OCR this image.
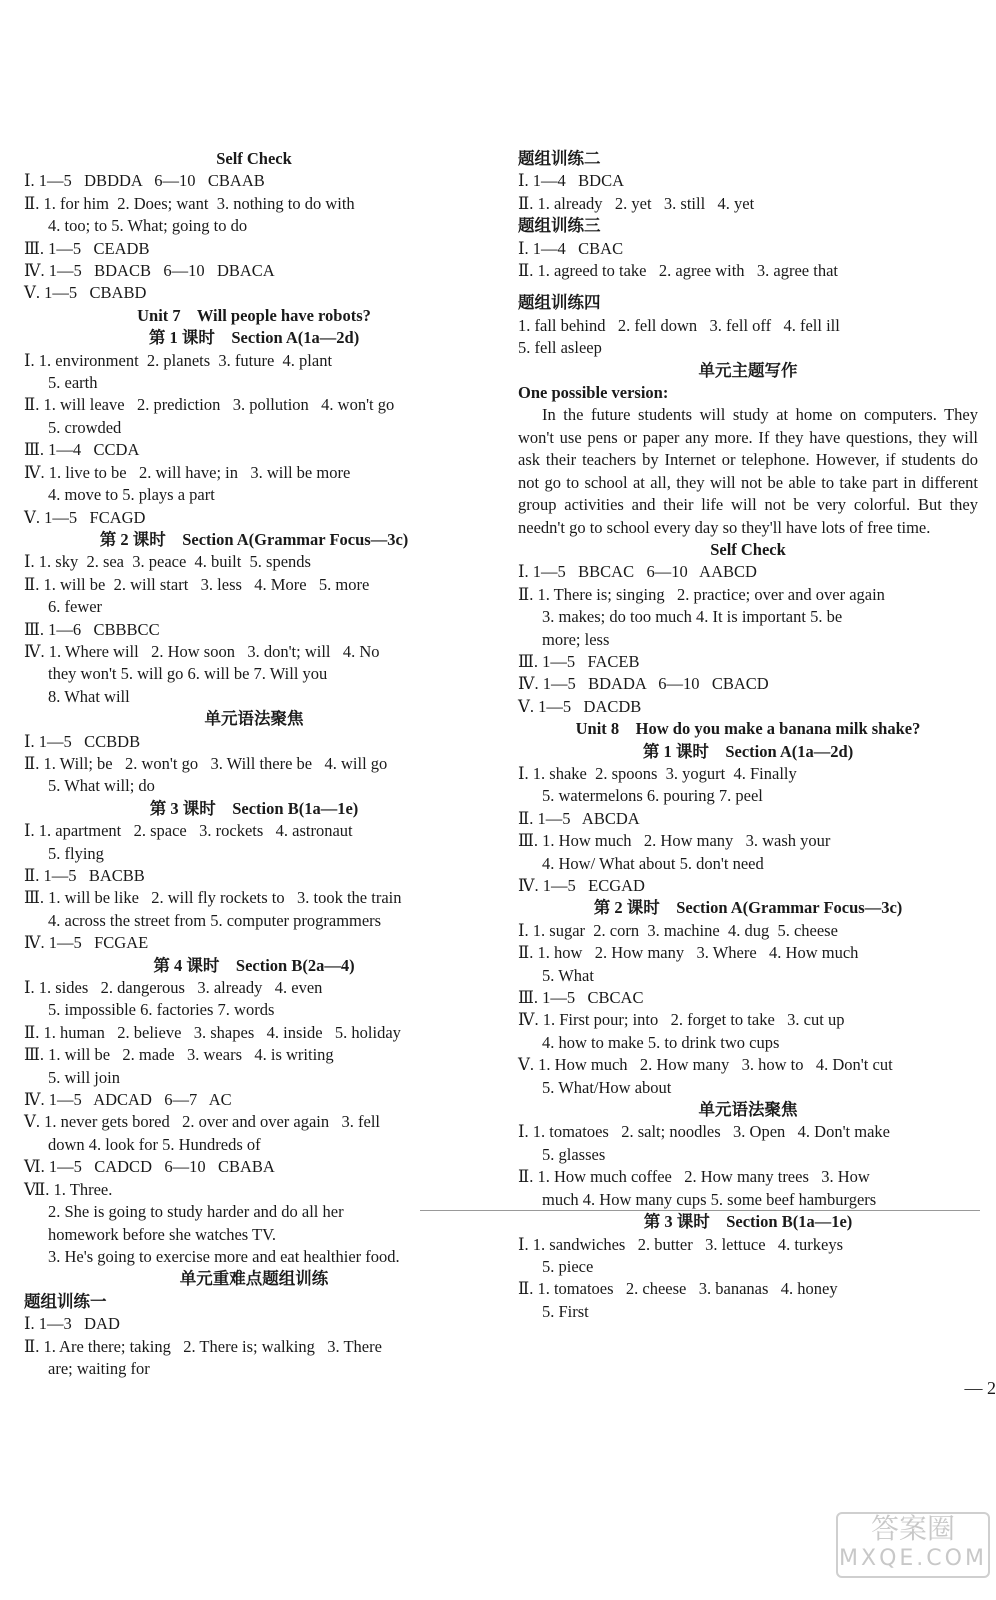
Self Check
Ⅰ. 1—5   DBDDA   6—10   CBAAB
Ⅱ. 1. for him  2. Does; want  3. nothing to do with
4. too; to 5. What; going to do
Ⅲ. 1—5   CEADB
Ⅳ. 1—5   BDACB   6—10   DBACA
Ⅴ. 1—5   CBABD
Unit 7    Will people have robots?
第 1 课时    Section A(1a—2d)
Ⅰ. 1. environment  2. planets  3. future  4. plant
5. earth
Ⅱ. 1. will leave   2. prediction   3. pollution   4. won't go
5. crowded
Ⅲ. 1—4   CCDA
Ⅳ. 1. live to be   2. will have; in   3. will be more
4. move to 5. plays a part
Ⅴ. 1—5   FCAGD
第 2 课时    Section A(Grammar Focus—3c)
Ⅰ. 1. sky  2. sea  3. peace  4. built  5. spends
Ⅱ. 1. will be  2. will start   3. less   4. More   5. more
6. fewer
Ⅲ. 1—6   CBBBCC
Ⅳ. 1. Where will   2. How soon   3. don't; will   4. No
they won't 5. will go 6. will be 7. Will you
8. What will
单元语法聚焦
Ⅰ. 1—5   CCBDB
Ⅱ. 1. Will; be   2. won't go   3. Will there be   4. will go
5. What will; do
第 3 课时    Section B(1a—1e)
Ⅰ. 1. apartment   2. space   3. rockets   4. astronaut
5. flying
Ⅱ. 1—5   BACBB
Ⅲ. 1. will be like   2. will fly rockets to   3. took the train
4. across the street from 5. computer programmers
Ⅳ. 1—5   FCGAE
第 4 课时    Section B(2a—4)
Ⅰ. 1. sides   2. dangerous   3. already   4. even
5. impossible 6. factories 7. words
Ⅱ. 1. human   2. believe   3. shapes   4. inside   5. holiday
Ⅲ. 1. will be   2. made   3. wears   4. is writing
5. will join
Ⅳ. 1—5   ADCAD   6—7   AC
Ⅴ. 1. never gets bored   2. over and over again   3. fell
down 4. look for 5. Hundreds of
Ⅵ. 1—5   CADCD   6—10   CBABA
Ⅶ. 1. Three.
2. She is going to study harder and do all her
homework before she watches TV.
3. He's going to exercise more and eat healthier food.
单元重难点题组训练
题组训练一
Ⅰ. 1—3   DAD
Ⅱ. 1. Are there; taking   2. There is; walking   3. There
are; waiting for
题组训练二
Ⅰ. 1—4   BDCA
Ⅱ. 1. already   2. yet   3. still   4. yet
题组训练三
Ⅰ. 1—4   CBAC
Ⅱ. 1. agreed to take   2. agree with   3. agree that
题组训练四
1. fall behind   2. fell down   3. fell off   4. fell ill
5. fell asleep
单元主题写作
One possible version:
In the future students will study at home on computers. They won't use pens or paper any more. If they have questions, they will ask their teachers by Internet or telephone. However, if students do not go to school at all, they will not be able to take part in different group activities and their life will not be very colorful. But they needn't go to school every day so they'll have lots of free time.
Self Check
Ⅰ. 1—5   BBCAC   6—10   AABCD
Ⅱ. 1. There is; singing   2. practice; over and over again
3. makes; do too much 4. It is important 5. be
more; less
Ⅲ. 1—5   FACEB
Ⅳ. 1—5   BDADA   6—10   CBACD
Ⅴ. 1—5   DACDB
Unit 8    How do you make a banana milk shake?
第 1 课时    Section A(1a—2d)
Ⅰ. 1. shake  2. spoons  3. yogurt  4. Finally
5. watermelons 6. pouring 7. peel
Ⅱ. 1—5   ABCDA
Ⅲ. 1. How much   2. How many   3. wash your
4. How/ What about 5. don't need
Ⅳ. 1—5   ECGAD
第 2 课时    Section A(Grammar Focus—3c)
Ⅰ. 1. sugar  2. corn  3. machine  4. dug  5. cheese
Ⅱ. 1. how   2. How many   3. Where   4. How much
5. What
Ⅲ. 1—5   CBCAC
Ⅳ. 1. First pour; into   2. forget to take   3. cut up
4. how to make 5. to drink two cups
Ⅴ. 1. How much   2. How many   3. how to   4. Don't cut
5. What/How about
单元语法聚焦
Ⅰ. 1. tomatoes   2. salt; noodles   3. Open   4. Don't make
5. glasses
Ⅱ. 1. How much coffee   2. How many trees   3. How
much 4. How many cups 5. some beef hamburgers
第 3 课时    Section B(1a—1e)
Ⅰ. 1. sandwiches   2. butter   3. lettuce   4. turkeys
5. piece
Ⅱ. 1. tomatoes   2. cheese   3. bananas   4. honey
5. First
— 2
答案圈
MXQE.COM
